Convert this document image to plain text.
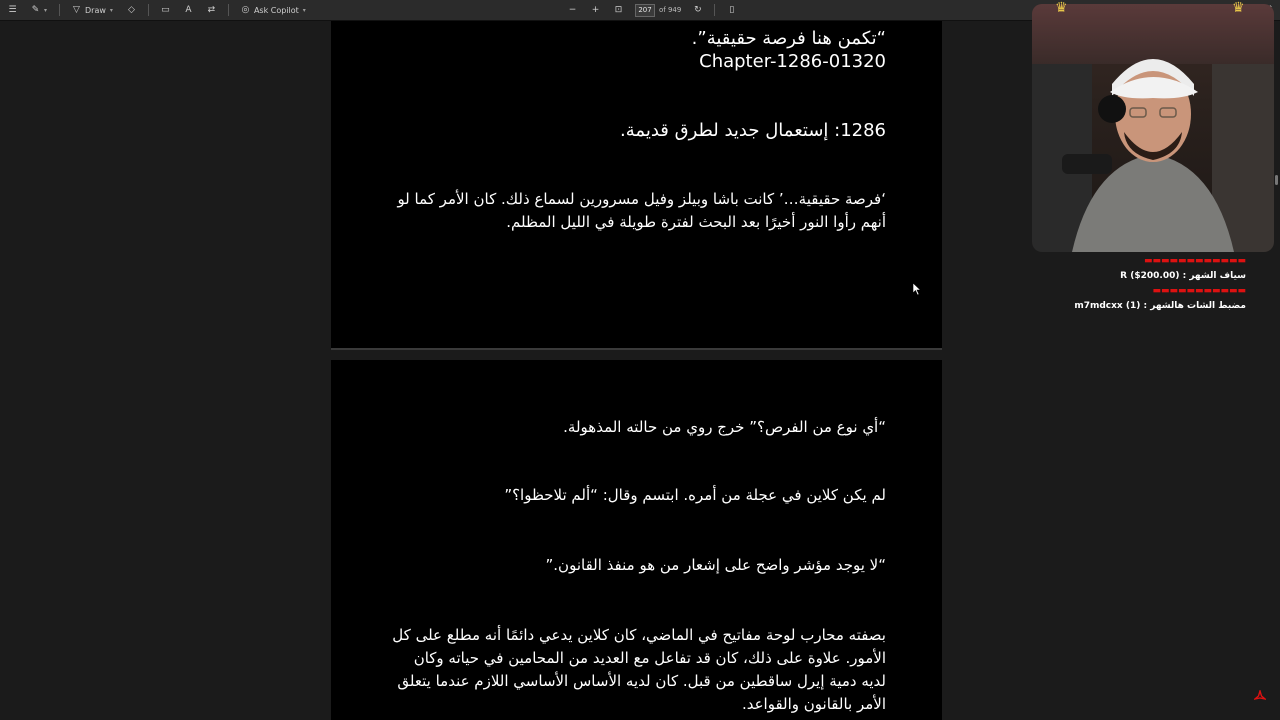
☰ ✎ ▾	▽ Draw ▾ ◇	▭ A ⇄	◎ Ask Copilot ▾	− + ⊡	207	of 949 ↻	▯
“تكمن هنا فرصة حقيقية”.
Chapter-1286-01320
1286: إستعمال جديد لطرق قديمة.
‘فرصة حقيقية…’ كانت باشا وبيلز وفيل مسرورين لسماع ذلك. كان الأمر كما لو أنهم رأوا النور أخيرًا بعد البحث لفترة طويلة في الليل المظلم.
“أي نوع من الفرص؟” خرج روي من حالته المذهولة.
لم يكن كلاين في عجلة من أمره. ابتسم وقال: “ألم تلاحظوا؟”
“لا يوجد مؤشر واضح على إشعار من هو منفذ القانون.”
بصفته محارب لوحة مفاتيح في الماضي، كان كلاين يدعي دائمًا أنه مطلع على كل الأمور. علاوة على ذلك، كان قد تفاعل مع العديد من المحامين في حياته وكان لديه دمية إيرل ساقطين من قبل. كان لديه الأساس الأساسي اللازم عندما يتعلق الأمر بالقانون والقواعد.
♛	♛
▬▬▬▬▬▬▬▬▬▬▬▬
سياف الشهر : R ($200.00)
▬▬▬▬▬▬▬▬▬▬▬
مضبط الشات هالشهر : m7mdcxx (1)
